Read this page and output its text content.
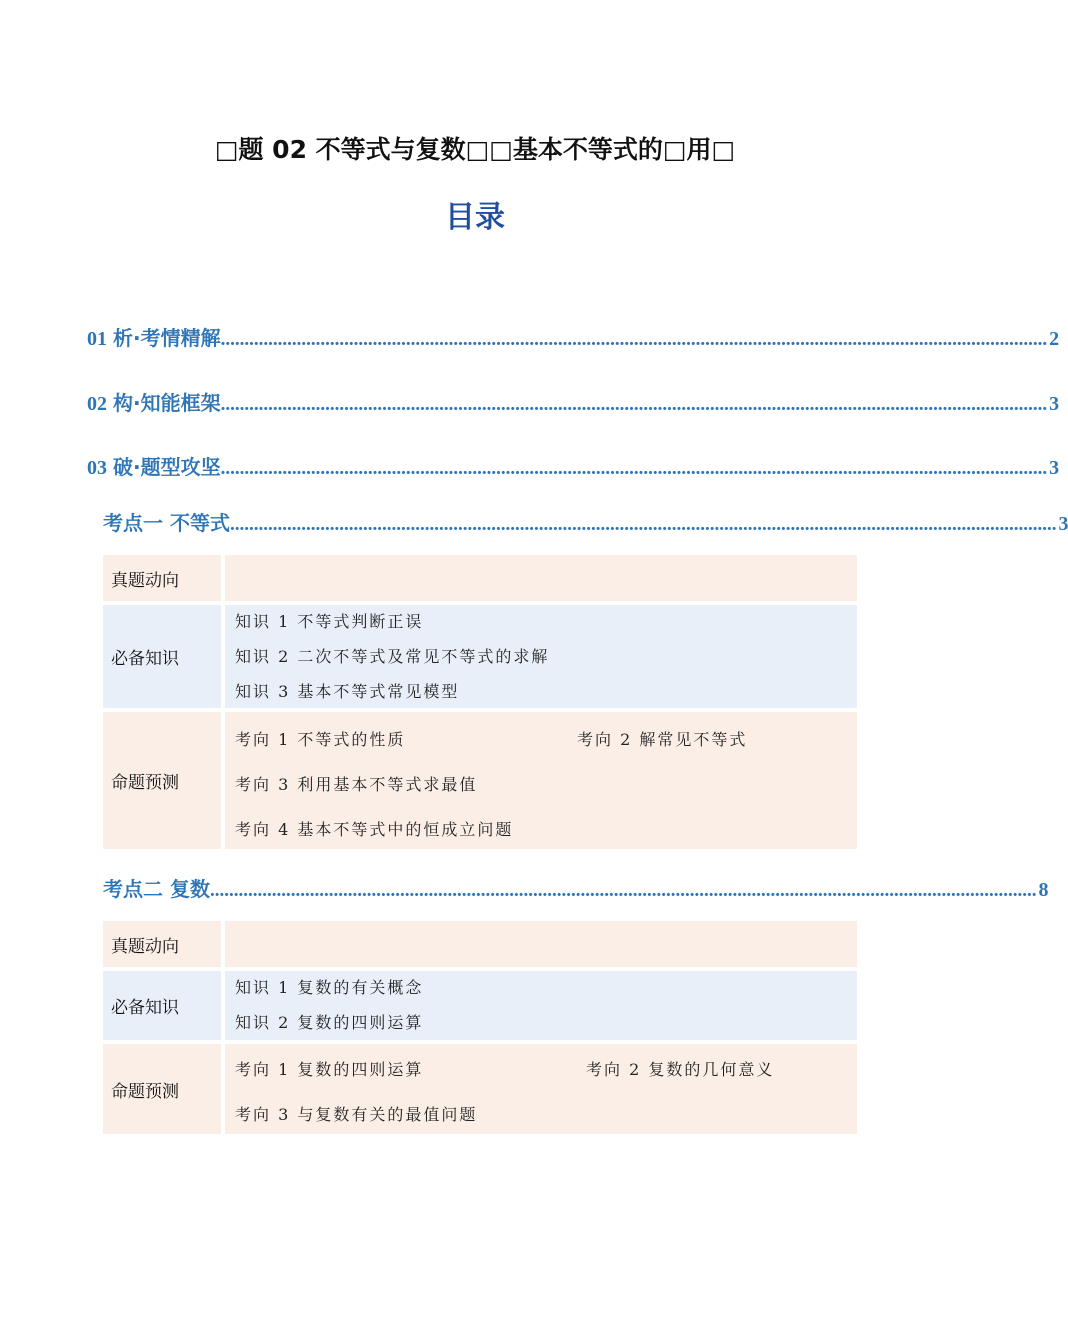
□题 02 不等式与复数□□基本不等式的□用□
目录
01 析·考情精解 .............................................................................................................................................................................. 2
02 构·知能框架 .............................................................................................................................................................................. 3
03 破·题型攻坚 .............................................................................................................................................................................. 3
考点一 不等式 .............................................................................................................................................................................. 3
真题动向
必备知识
知识 1 不等式判断正误
知识 2 二次不等式及常见不等式的求解
知识 3 基本不等式常见模型
命题预测
考向 1 不等式的性质	考向 2 解常见不等式
考向 3 利用基本不等式求最值
考向 4 基本不等式中的恒成立问题
考点二 复数 .............................................................................................................................................................................. 8
真题动向
必备知识
知识 1 复数的有关概念
知识 2 复数的四则运算
命题预测
考向 1 复数的四则运算	考向 2 复数的几何意义
考向 3 与复数有关的最值问题
